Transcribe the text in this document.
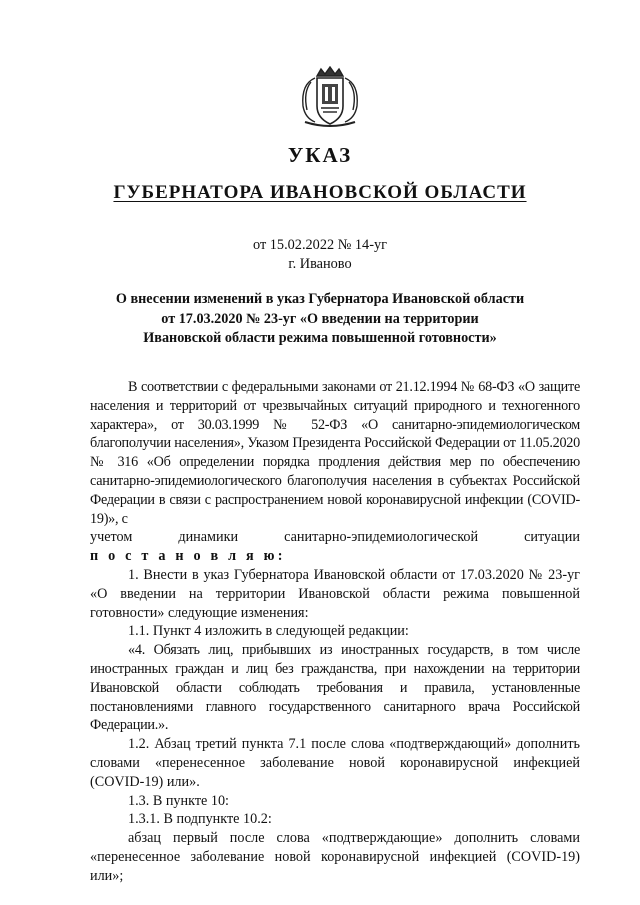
УКАЗ
ГУБЕРНАТОРА ИВАНОВСКОЙ ОБЛАСТИ
от 15.02.2022 № 14-уг
г. Иваново
О внесении изменений в указ Губернатора Ивановской области
от 17.03.2020 № 23-уг «О введении на территории
Ивановской области режима повышенной готовности»

В соответствии с федеральными законами от 21.12.1994 № 68-ФЗ «О защите населения и территорий от чрезвычайных ситуаций природного и техногенного характера», от 30.03.1999 № 52-ФЗ «О санитарно-эпидемиологическом благополучии населения», Указом Президента Российской Федерации от 11.05.2020 № 316 «Об определении порядка продления действия мер по обеспечению санитарно-эпидемиологического благополучия населения в субъектах Российской Федерации в связи с распространением новой коронавирусной инфекции (COVID-19)», с

учетом	динамики	санитарно-эпидемиологической	ситуации

п о с т а н о в л я ю:

1. Внести в указ Губернатора Ивановской области от 17.03.2020 № 23-уг «О введении на территории Ивановской области режима повышенной готовности» следующие изменения:

1.1. Пункт 4 изложить в следующей редакции:

«4. Обязать лиц, прибывших из иностранных государств, в том числе иностранных граждан и лиц без гражданства, при нахождении на территории Ивановской области соблюдать требования и правила, установленные постановлениями главного государственного санитарного врача Российской Федерации.».

1.2. Абзац третий пункта 7.1 после слова «подтверждающий» дополнить словами «перенесенное заболевание новой коронавирусной инфекцией (COVID-19) или».

1.3. В пункте 10:

1.3.1. В подпункте 10.2:

абзац первый после слова «подтверждающие» дополнить словами «перенесенное заболевание новой коронавирусной инфекцией (COVID-19) или»;
